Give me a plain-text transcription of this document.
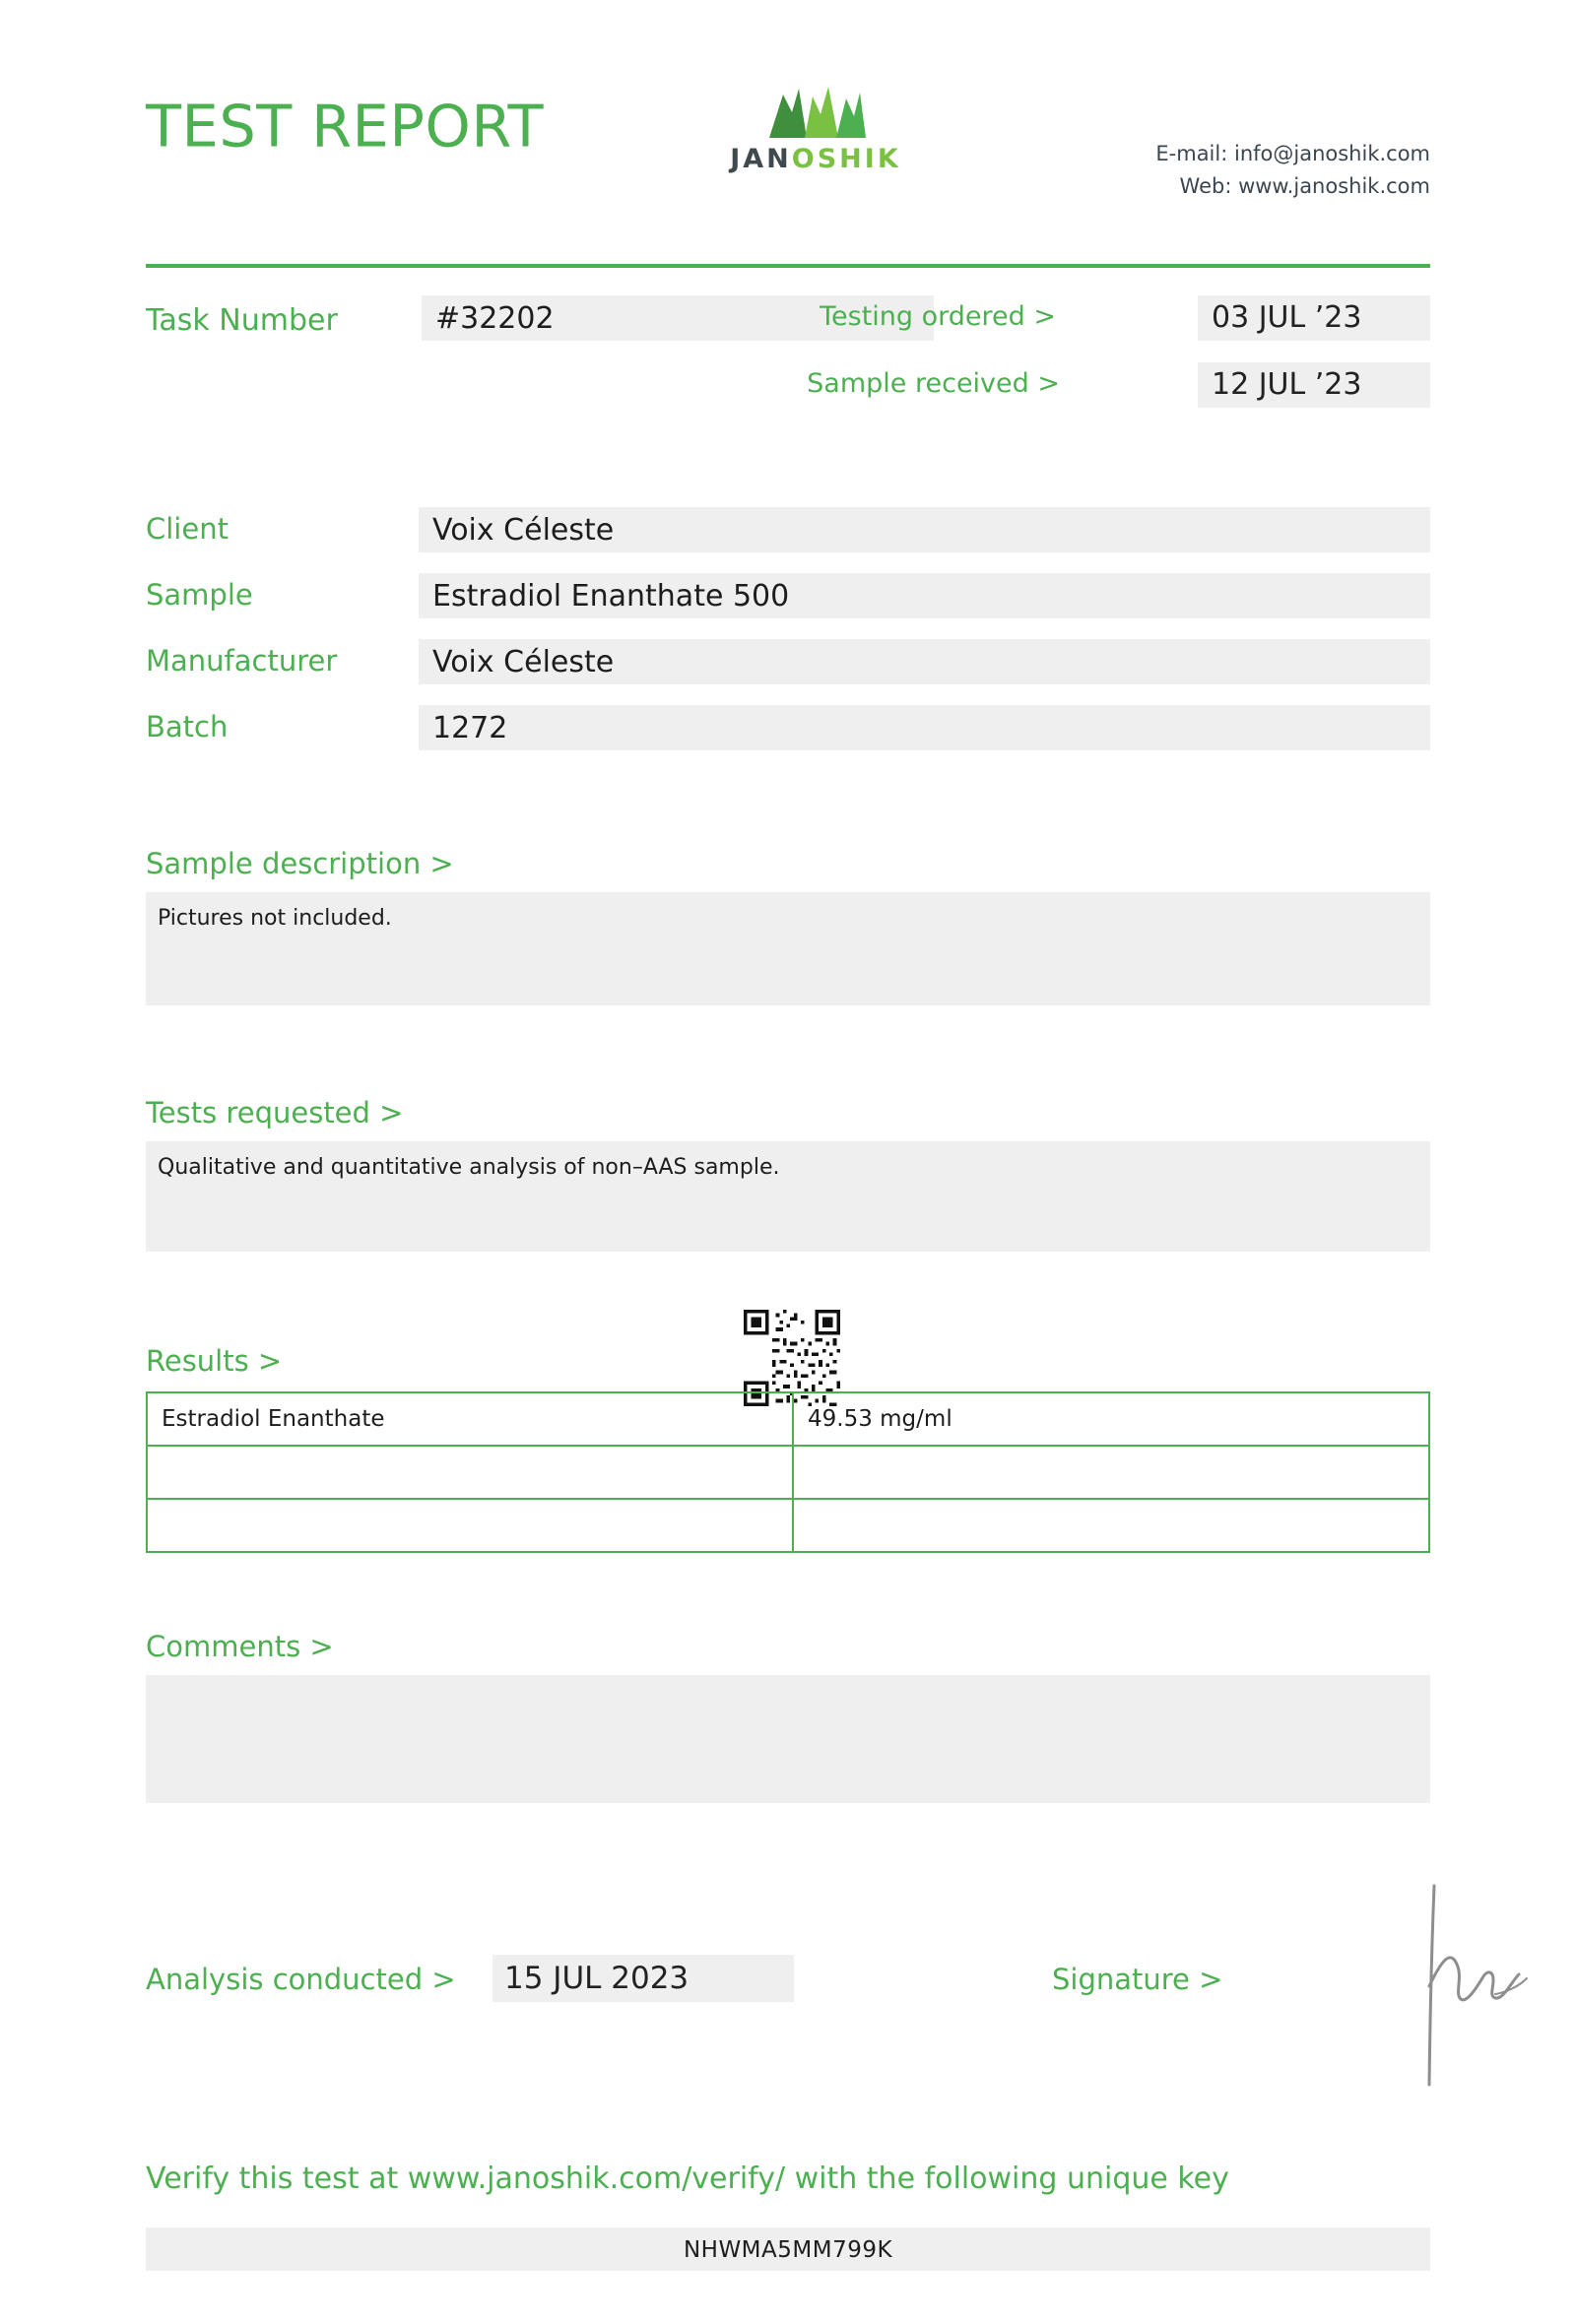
TEST REPORT	JANOSHIK	E-mail: info@janoshik.com
Web: www.janoshik.com
Task Number	#32202	Testing ordered >	03 JUL ’23
Sample received >	12 JUL ’23
Client	Voix Céleste
Sample	Estradiol Enanthate 500
Manufacturer	Voix Céleste
Batch	1272
Sample description >
Pictures not included.
Tests requested >
Qualitative and quantitative analysis of non–AAS sample.
Results >
Estradiol Enanthate	49.53 mg/ml

Comments >
Analysis conducted >	15 JUL 2023	Signature >
Verify this test at www.janoshik.com/verify/ with the following unique key
NHWMA5MM799K
